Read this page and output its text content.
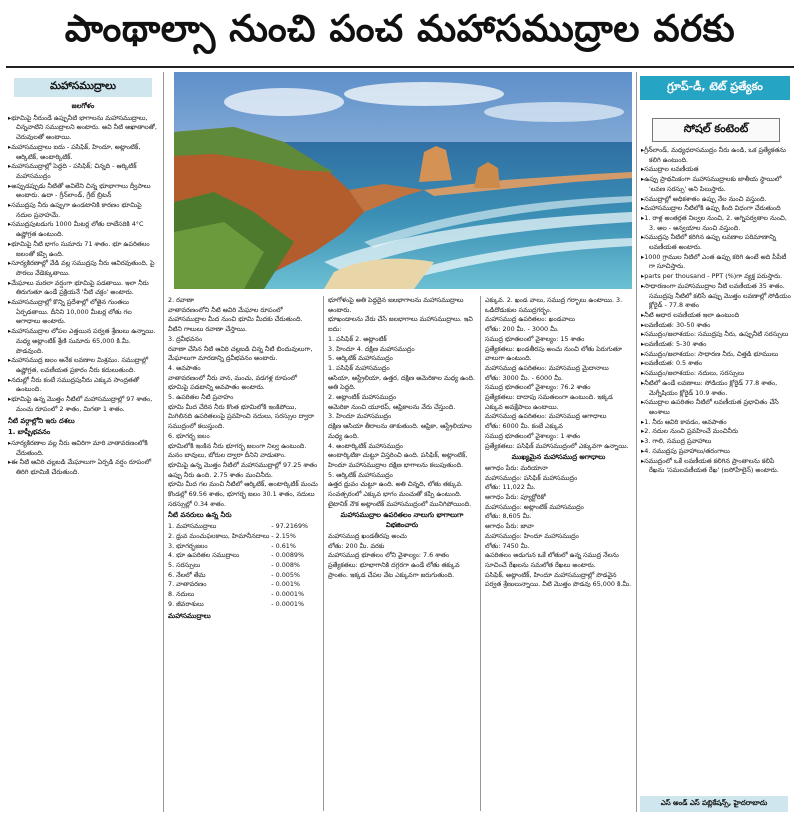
పాంథాల్సా నుంచి పంచ మహాసముద్రాల వరకు
మహాసముద్రాలు	గ్రూప్-డీ, టెట్ ప్రత్యేకం
సోషల్ కంటెంట్
జలగోళం

▸ భూమిపై నీరుండే ఉప్పునీటి భాగాలను మహాసముద్రాలు, చిన్నవాటిని సముద్రాలని అంటారు. అవి నీటి అఖాతాలతో, చెరువులతో అంటాయి.

▸ మహాసముద్రాలు ఐదు - పసిఫిక్, హిందూ, అట్లాంటిక్, ఆర్కిటిక్, అంటార్కిటిక్.

▸ మహాసముద్రాల్లో పెద్దది - పసిఫిక్; చిన్నది - ఆర్కిటిక్ మహాసముద్రం

▸ అప్పుడప్పుడు నీటితో అవిలేని చిన్న భూభాగాలు ద్వీపాలు అంటారు. ఉదా - గ్రీన్‌లాండ్, గ్రేట్ బ్రిటన్

▸ సముద్రపు నీరు ఉప్పుగా ఉండటానికి కారణం భూమిపై నదుల ప్రవాహమే.

▸ సముద్రపుటడుగు 1000 మీటర్ల లోతు దాటేసరికి 4°C ఉష్ణోగ్రత ఉంటుంది.

▸ భూమిపై నీటి భాగం సుమారు 71 శాతం. భూ ఉపరితలం జలంతో కప్పి ఉంది.

▸ సూర్యకిరణాల్లో వేడి వల్ల సముద్రపు నీరు ఆవిరవుతుంది, పై పొరలు వేడెక్కుతాయి.

▸ మేఘాలు మరలా వర్షంగా భూమిపై పడతాయి. ఇలా నీరు తిరుగుతూ ఉండే ప్రక్రియనే 'నీటి చక్రం' అంటారు.

▸ మహాసముద్రాల్లో కొన్ని ప్రదేశాల్లో లోతైన గుంతలు ఏర్పడతాయి. దీనిని 10,000 మీటర్ల లోతు గల అగాధాలు అంటారు.

▸ మహాసముద్రాల లోపల ఎత్తయిన పర్వత శ్రేణులు ఉన్నాయి. మధ్య అట్లాంటిక్ శ్రేణి సుమారు 65,000 కి.మీ. పొడవుంది.

▸ మహాసముద్ర జలం అనేక లవణాల మిశ్రమం. సముద్రాల్లో ఉష్ణోగ్రత, లవణీయత ప్రకారం నీరు కదులుతుంది.

▸ నదుల్లో నీరు కంటే సముద్రపునీరు ఎక్కువ సాంద్రతతో ఉంటుంది.

▸ భూమిపై ఉన్న మొత్తం నీటిలో మహాసముద్రాల్లో 97 శాతం, మంచు రూపంలో 2 శాతం, మిగతా 1 శాతం.

నీటి వర్గాల్లోని ఇరు దశలు
1. బాష్పీభవనం

▸ సూర్యకిరణాల వల్ల నీరు ఆవిరిగా మారి వాతావరణంలోకి చేరుతుంది.

▸ ఈ నీటి ఆవిరి చల్లబడి మేఘాలుగా ఏర్పడి వర్షం రూపంలో తిరిగి భూమికి చేరుతుంది.

2. రవాణా

వాతావరణంలోని నీటి ఆవిరి మేఘాల రూపంలో మహాసముద్రాల మీద నుంచి భూమి మీదకు చేరుతుంది. వీటిని గాలులు రవాణా చేస్తాయి.

3. ద్రవీభవనం

రవాణా చేసిన నీటి ఆవిరి చల్లబడి చిన్న నీటి బిందువులుగా, మేఘాలుగా మారడాన్ని ద్రవీభవనం అంటారు.

4. అవపాతం

వాతావరణంలో నీరు వాన, మంచు, వడగళ్ల రూపంలో భూమిపై పడటాన్ని అవపాతం అంటారు.

5. ఉపరితల నీటి ప్రవాహం

భూమి మీద చేరిన నీరు కొంత భూమిలోకి ఇంకిపోయి, మిగిలినది ఉపరితలంపై ప్రవహించి నదులు, సరస్సుల ద్వారా సముద్రంలో కలుస్తుంది.

6. భూగర్భ జలం

భూమిలోకి ఇంకిన నీరు భూగర్భ జలంగా నిల్వ ఉంటుంది. మనం బావులు, బోరుల ద్వారా దీనిని వాడుతాం.

భూమిపై ఉన్న మొత్తం నీటిలో మహాసముద్రాల్లో 97.25 శాతం ఉప్పు నీరు ఉంది. 2.75 శాతం మంచినీరు.

భూమి మీద గల మంచి నీటిలో ఆర్కిటిక్, అంటార్కిటిక్ మంచు కొండల్లో 69.56 శాతం, భూగర్భ జలం 30.1 శాతం, నదులు సరస్సుల్లో 0.34 శాతం.

నీటి వనరులు ఉన్న నీరు
1. మహాసముద్రాలు	- 97.2169%
2. ధ్రువ మంచుఫలకాలు, హిమానీనదాలు	- 2.15%
3. భూగర్భజలం	- 0.61%
4. భూ ఉపరితల సముద్రాలు	- 0.0089%
5. సరస్సులు	- 0.008%
6. నేలలో తేమ	- 0.005%
7. వాతావరణం	- 0.001%
8. నదులు	- 0.0001%
9. జీవరాశులు	- 0.0001%
మహాసముద్రాలు

భూగోళంపై అతి పెద్దదైన జలభాగాలను మహాసముద్రాలు అంటారు.

భూఖండాలను వేరు చేసే జలభాగాలు మహాసముద్రాలు. ఇవి ఐదు:

1. పసిఫిక్ 2. అట్లాంటిక్

3. హిందూ 4. దక్షిణ మహాసముద్రం

5. ఆర్కిటిక్ మహాసముద్రం

1. పసిఫిక్ మహాసముద్రం

ఆసియా, ఆస్ట్రేలియా, ఉత్తర, దక్షిణ అమెరికాల మధ్య ఉంది. అతి పెద్దది.

2. అట్లాంటిక్ మహాసముద్రం

అమెరికా నుంచి యూరప్, ఆఫ్రికాలను వేరు చేస్తుంది.

3. హిందూ మహాసముద్రం

దక్షిణ ఆసియా తీరాలను తాకుతుంది. ఆఫ్రికా, ఆస్ట్రేలియాల మధ్య ఉంది.

4. అంటార్కిటిక్ మహాసముద్రం

అంటార్కిటికా చుట్టూ విస్తరించి ఉంది. పసిఫిక్, అట్లాంటిక్, హిందూ మహాసముద్రాల దక్షిణ భాగాలను కలుపుతుంది.

5. ఆర్కిటిక్ మహాసముద్రం

ఉత్తర ధ్రువం చుట్టూ ఉంది. అతి చిన్నది, లోతు తక్కువ. సంవత్సరంలో ఎక్కువ భాగం మంచుతో కప్పి ఉంటుంది.

టైటానిక్ నౌక అట్లాంటిక్ మహాసముద్రంలో మునిగిపోయింది.

మహాసముద్రాల ఉపరితలం నాలుగు భాగాలుగా విభజించారు

మహాసముద్ర ఖండతీరపు అంచు

లోతు: 200 మీ. వరకు

మహాసముద్ర భూతలం లోని వైశాల్యం: 7.6 శాతం

ప్రత్యేకతలు: భూభాగానికి దగ్గరగా ఉండే లోతు తక్కువ ప్రాంతం. ఇక్కడ చేపల వేట ఎక్కువగా జరుగుతుంది.

ఎక్కువ. 2. ఖండ వాలు, సముద్ర గర్భాలు ఉంటాయి. 3. ఒడిదొడుకుల సముద్రగర్భం.

మహాసముద్ర ఉపరితలం: ఖండవాలు

లోతు: 200 మీ. - 3000 మీ.

సముద్ర భూతలంలో వైశాల్యం: 15 శాతం

ప్రత్యేకతలు: ఖండతీరపు అంచు నుంచి లోతు పెరుగుతూ వాలుగా ఉంటుంది.

మహాసముద్ర ఉపరితలం: మహాసముద్ర మైదానాలు

లోతు: 3000 మీ. - 6000 మీ.

సముద్ర భూతలంలో వైశాల్యం: 76.2 శాతం

ప్రత్యేకతలు: దాదాపు సమతలంగా ఉంటుంది. ఇక్కడ ఎక్కువ అవక్షేపాలు ఉంటాయి.

మహాసముద్ర ఉపరితలం: మహాసముద్ర అగాధాలు

లోతు: 6000 మీ. కంటే ఎక్కువ

సముద్ర భూతలంలో వైశాల్యం: 1 శాతం

ప్రత్యేకతలు: పసిఫిక్ మహాసముద్రంలో ఎక్కువగా ఉన్నాయి.

ముఖ్యమైన మహాసముద్ర అగాధాలు

అగాధం పేరు: మరియానా

మహాసముద్రం: పసిఫిక్ మహాసముద్రం

లోతు: 11,022 మీ.

అగాధం పేరు: ప్యూర్టోరికో

మహాసముద్రం: అట్లాంటిక్ మహాసముద్రం

లోతు: 8,605 మీ.

అగాధం పేరు: జావా

మహాసముద్రం: హిందూ మహాసముద్రం

లోతు: 7450 మీ.

ఉపరితలం అడుగున ఒకే లోతులో ఉన్న సముద్ర నేలను సూచించే రేఖలను సమలోత రేఖలు అంటారు.

పసిఫిక్, అట్లాంటిక్, హిందూ మహాసముద్రాల్లో పొడవైన పర్వత శ్రేణులున్నాయి. వీటి మొత్తం పొడవు 65,000 కి.మీ.

▸ గ్రీన్‌లాండ్, మధ్యధరాసముద్రం నీరు ఉండి, ఒక ప్రత్యేకతను కలిగి ఉంటుంది.

▸ సముద్రాల లవణీయత

▸ ఉప్పు ప్రాథమికంగా మహాసముద్రాలకు జాతీయ స్థాయిలో 'లవణ సరస్సు' అని పిలుస్తారు.

▸ సముద్రాల్లో అధికశాతం ఉప్పు నేల నుంచి వస్తుంది.

▸ మహాసముద్రాల నీటిలోకి ఉప్పు కింది విధంగా చేరుతుంది

▸ 1. రాళ్ల అంతర్గత నిల్వల నుంచి, 2. అగ్నిపర్వతాల నుంచి, 3. అల - అన్వయాల నుంచి వస్తుంది.

▸ సముద్రపు నీటిలో కరిగిన ఉప్పు లవణాల పరిమాణాన్ని లవణీయత అంటారు.

▸ 1000 గ్రాముల నీటిలో ఎంత ఉప్పు కరిగి ఉంటే అది పీపీటీ గా సూచిస్తారు.

▸ parts per thousand - PPT (%)గా వ్యక్త పరుస్తారు.

▸ సాధారణంగా మహాసముద్రాల నీటి లవణీయత 35 శాతం. సముద్రపు నీటిలో కలిసే ఉప్పు మొత్తం లవణాల్లో సోడియం క్లోరైడ్ - 77.8 శాతం

▸ నీటి ఆధార లవణీయత ఇలా ఉంటుంది

▸ లవణీయత: 30-50 శాతం

▸ సముద్రం/జలాశయం: సముద్రపు నీరు, ఉప్పునీటి సరస్సులు

▸ లవణీయత: 5-30 శాతం

▸ సముద్రం/జలాశయం: సాధారణ నీరు, చిత్తడి భూములు

▸ లవణీయత: 0.5 శాతం

▸ సముద్రం/జలాశయం: నదులు, సరస్సులు

▸ నీటిలో ఉండే లవణాలు: సోడియం క్లోరైడ్ 77.8 శాతం, మెగ్నీషియం క్లోరైడ్ 10.9 శాతం.

▸ సముద్రాల ఉపరితల నీటిలో లవణీయత ప్రభావితం చేసే అంశాలు

▸ 1. నీరు ఆవిరి కావడం, అవపాతం

▸ 2. నదుల నుంచి ప్రవహించే మంచినీరు

▸ 3. గాలి, సముద్ర ప్రవాహాలు

▸ 4. సముద్రపు ప్రవాహాలు/తరంగాలు

▸ సముద్రంలో ఒకే లవణీయత కలిగిన ప్రాంతాలను కలిపే రేఖను 'సమలవణీయత రేఖ' (ఐసోహేలైన్) అంటారు.

ఎస్ అండ్ ఎస్ పబ్లికేషన్స్, హైదరాబాదు
